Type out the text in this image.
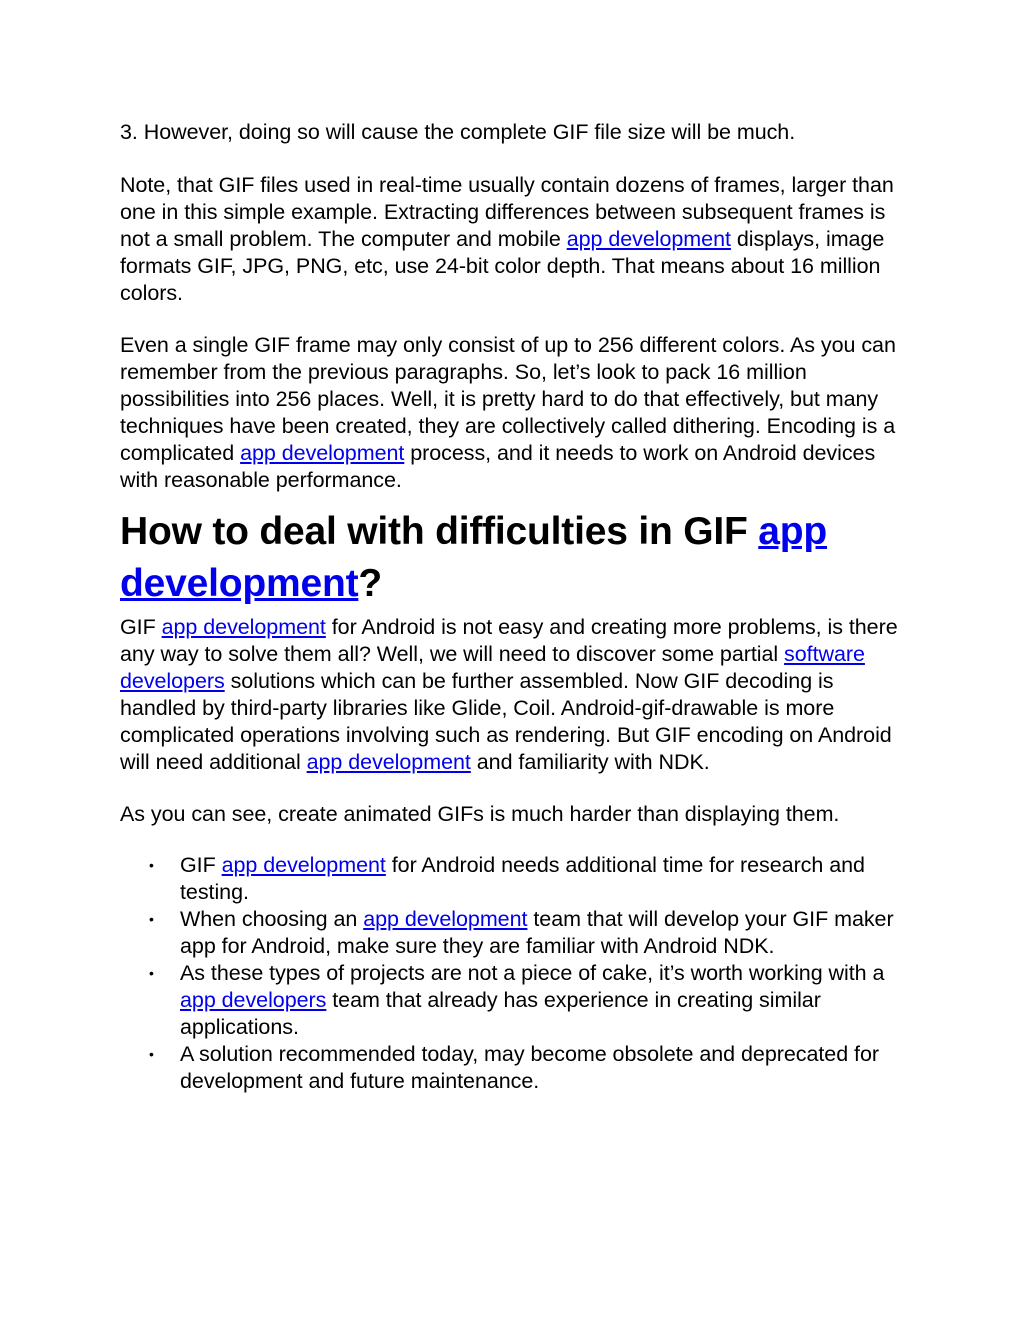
3. However, doing so will cause the complete GIF file size will be much.

Note, that GIF files used in real-time usually contain dozens of frames, larger than one in this simple example. Extracting differences between subsequent frames is not a small problem. The computer and mobile app development displays, image formats GIF, JPG, PNG, etc, use 24-bit color depth. That means about 16 million colors.

Even a single GIF frame may only consist of up to 256 different colors. As you can remember from the previous paragraphs. So, let’s look to pack 16 million possibilities into 256 places. Well, it is pretty hard to do that effectively, but many techniques have been created, they are collectively called dithering. Encoding is a complicated app development process, and it needs to work on Android devices with reasonable performance.

How to deal with difficulties in GIF app development?

GIF app development for Android is not easy and creating more problems, is there any way to solve them all? Well, we will need to discover some partial software developers solutions which can be further assembled. Now GIF decoding is handled by third-party libraries like Glide, Coil. Android-gif-drawable is more complicated operations involving such as rendering. But GIF encoding on Android will need additional app development and familiarity with NDK.

As you can see, create animated GIFs is much harder than displaying them.

• GIF app development for Android needs additional time for research and testing.
• When choosing an app development team that will develop your GIF maker app for Android, make sure they are familiar with Android NDK.
• As these types of projects are not a piece of cake, it’s worth working with a app developers team that already has experience in creating similar applications.
• A solution recommended today, may become obsolete and deprecated for development and future maintenance.
